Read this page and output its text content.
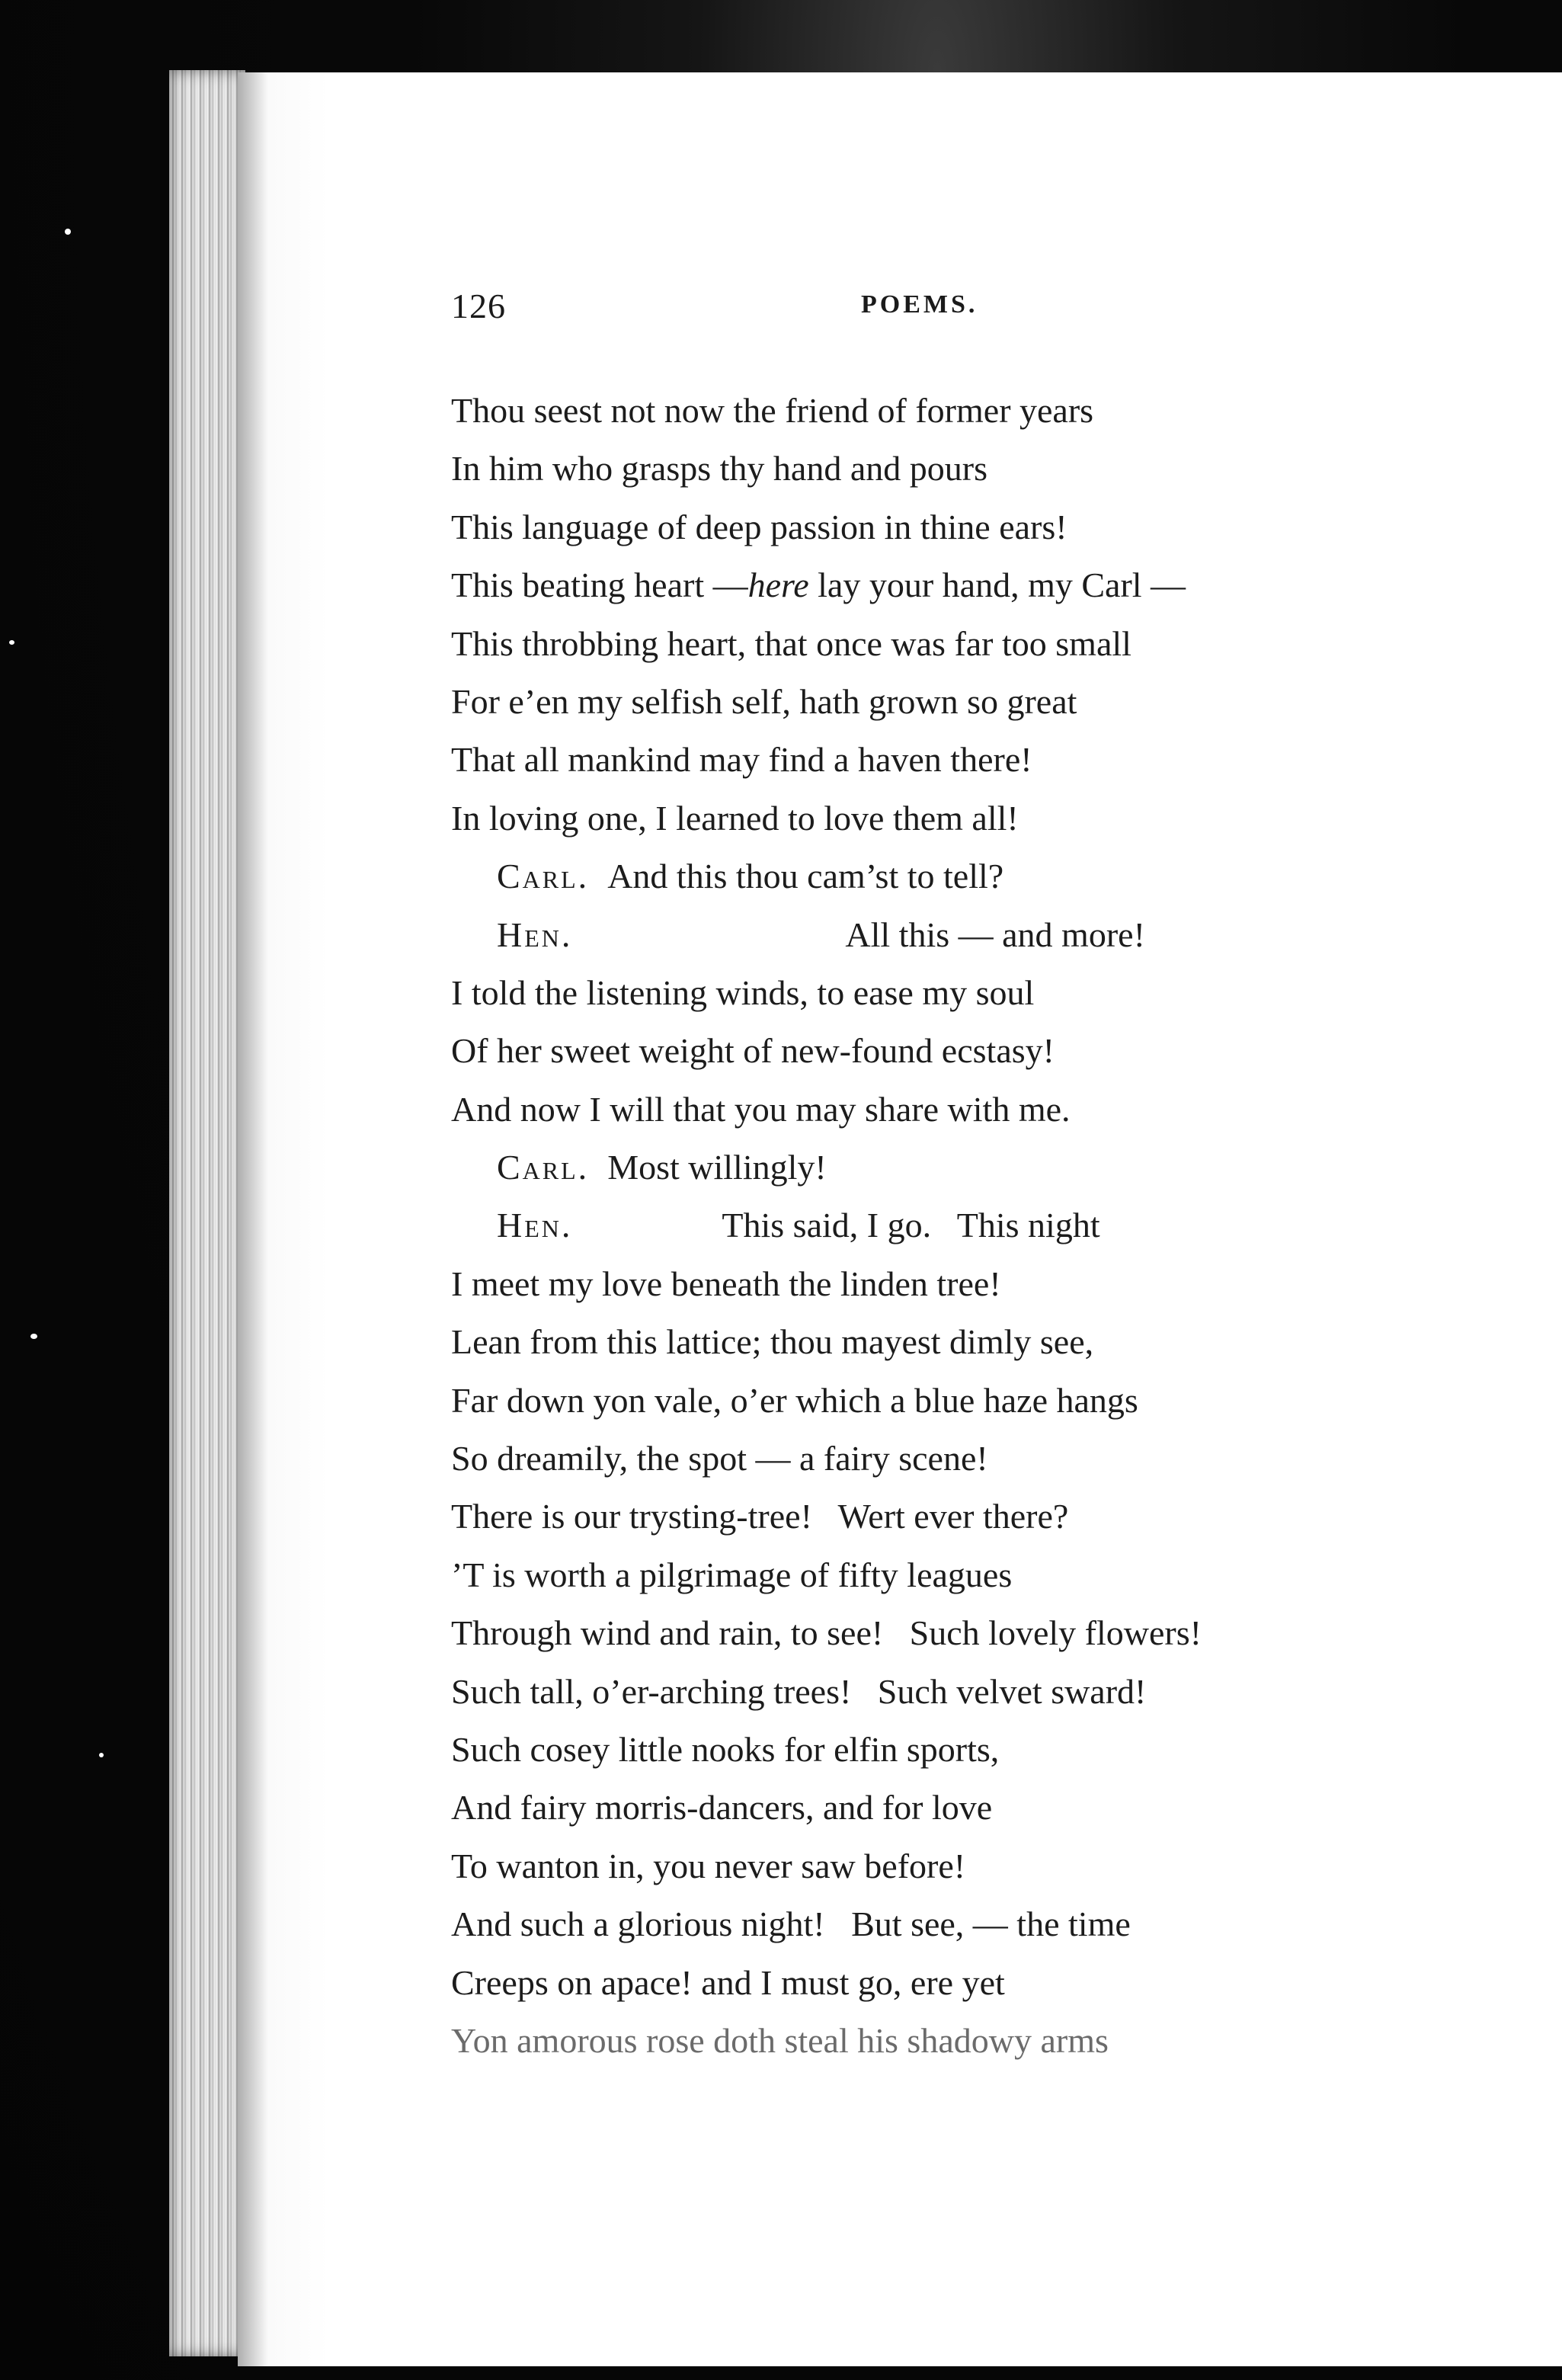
126	POEMS.
Thou seest not now the friend of former years
In him who grasps thy hand and pours
This language of deep passion in thine ears!
This beating heart —here lay your hand, my Carl —
This throbbing heart, that once was far too small
For e’en my selfish self, hath grown so great
That all mankind may find a haven there!
In loving one, I learned to love them all!
Carl. And this thou cam’st to tell?
Hen.	All this — and more!
I told the listening winds, to ease my soul
Of her sweet weight of new-found ecstasy!
And now I will that you may share with me.
Carl. Most willingly!
Hen.	This said, I go.   This night
I meet my love beneath the linden tree!
Lean from this lattice; thou mayest dimly see,
Far down yon vale, o’er which a blue haze hangs
So dreamily, the spot — a fairy scene!
There is our trysting-tree!   Wert ever there?
’T is worth a pilgrimage of fifty leagues
Through wind and rain, to see!   Such lovely flowers!
Such tall, o’er-arching trees!   Such velvet sward!
Such cosey little nooks for elfin sports,
And fairy morris-dancers, and for love
To wanton in, you never saw before!
And such a glorious night!   But see, — the time
Creeps on apace! and I must go, ere yet
Yon amorous rose doth steal his shadowy arms
